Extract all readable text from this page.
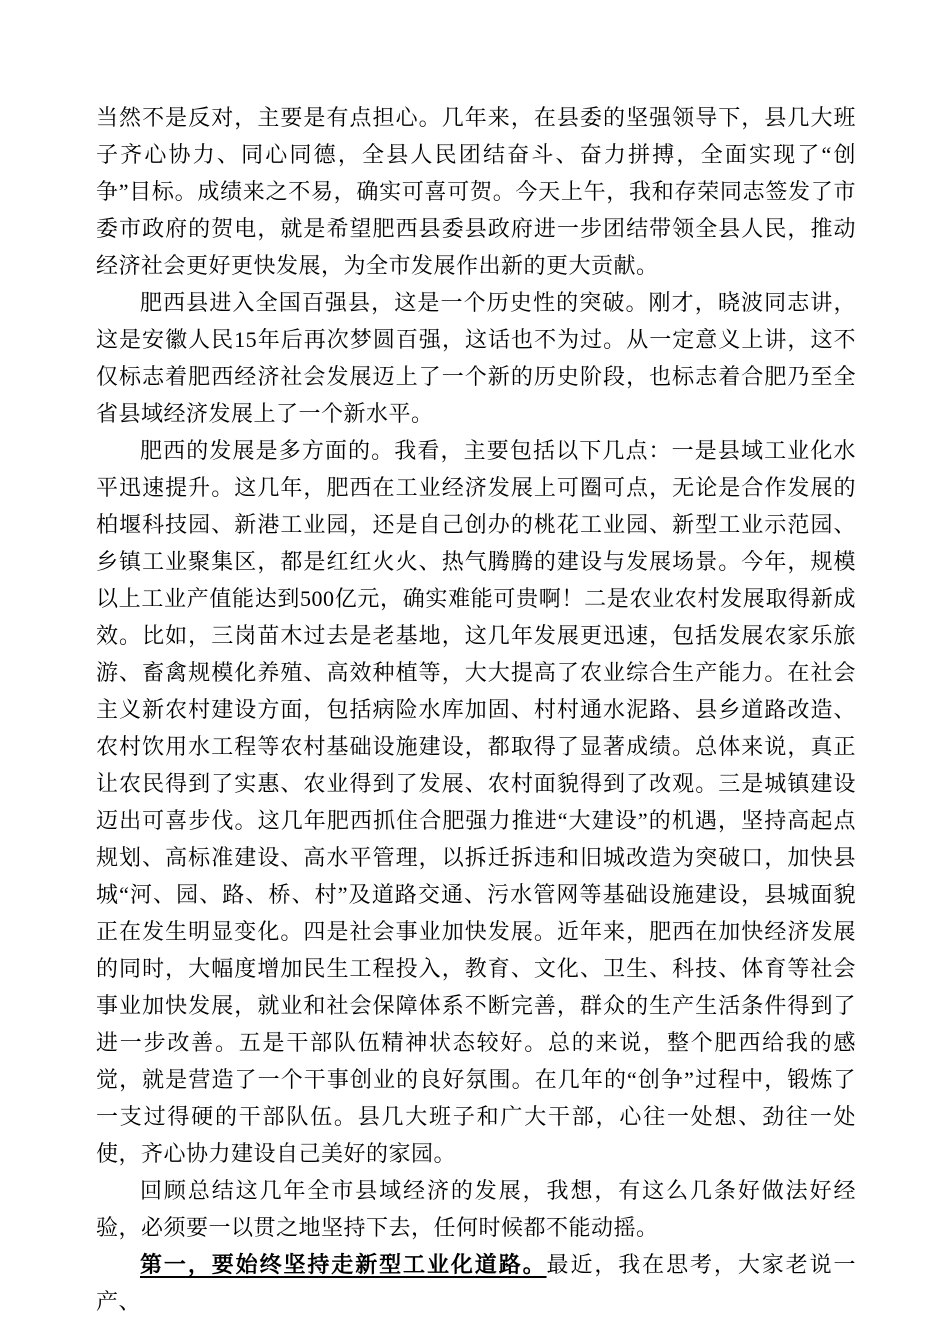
当然不是反对，主要是有点担心。几年来，在县委的坚强领导下，县几大班子齐心协力、同心同德，全县人民团结奋斗、奋力拼搏，全面实现了“创争”目标。成绩来之不易，确实可喜可贺。今天上午，我和存荣同志签发了市委市政府的贺电，就是希望肥西县委县政府进一步团结带领全县人民，推动经济社会更好更快发展，为全市发展作出新的更大贡献。

肥西县进入全国百强县，这是一个历史性的突破。刚才，晓波同志讲，这是安徽人民15年后再次梦圆百强，这话也不为过。从一定意义上讲，这不仅标志着肥西经济社会发展迈上了一个新的历史阶段，也标志着合肥乃至全省县域经济发展上了一个新水平。

肥西的发展是多方面的。我看，主要包括以下几点：一是县域工业化水平迅速提升。这几年，肥西在工业经济发展上可圈可点，无论是合作发展的柏堰科技园、新港工业园，还是自己创办的桃花工业园、新型工业示范园、乡镇工业聚集区，都是红红火火、热气腾腾的建设与发展场景。今年，规模以上工业产值能达到500亿元，确实难能可贵啊！二是农业农村发展取得新成效。比如，三岗苗木过去是老基地，这几年发展更迅速，包括发展农家乐旅游、畜禽规模化养殖、高效种植等，大大提高了农业综合生产能力。在社会主义新农村建设方面，包括病险水库加固、村村通水泥路、县乡道路改造、农村饮用水工程等农村基础设施建设，都取得了显著成绩。总体来说，真正让农民得到了实惠、农业得到了发展、农村面貌得到了改观。三是城镇建设迈出可喜步伐。这几年肥西抓住合肥强力推进“大建设”的机遇，坚持高起点规划、高标准建设、高水平管理，以拆迁拆违和旧城改造为突破口，加快县城“河、园、路、桥、村”及道路交通、污水管网等基础设施建设，县城面貌正在发生明显变化。四是社会事业加快发展。近年来，肥西在加快经济发展的同时，大幅度增加民生工程投入，教育、文化、卫生、科技、体育等社会事业加快发展，就业和社会保障体系不断完善，群众的生产生活条件得到了进一步改善。五是干部队伍精神状态较好。总的来说，整个肥西给我的感觉，就是营造了一个干事创业的良好氛围。在几年的“创争”过程中，锻炼了一支过得硬的干部队伍。县几大班子和广大干部，心往一处想、劲往一处使，齐心协力建设自己美好的家园。

回顾总结这几年全市县域经济的发展，我想，有这么几条好做法好经验，必须要一以贯之地坚持下去，任何时候都不能动摇。

第一，要始终坚持走新型工业化道路。最近，我在思考，大家老说一产、
